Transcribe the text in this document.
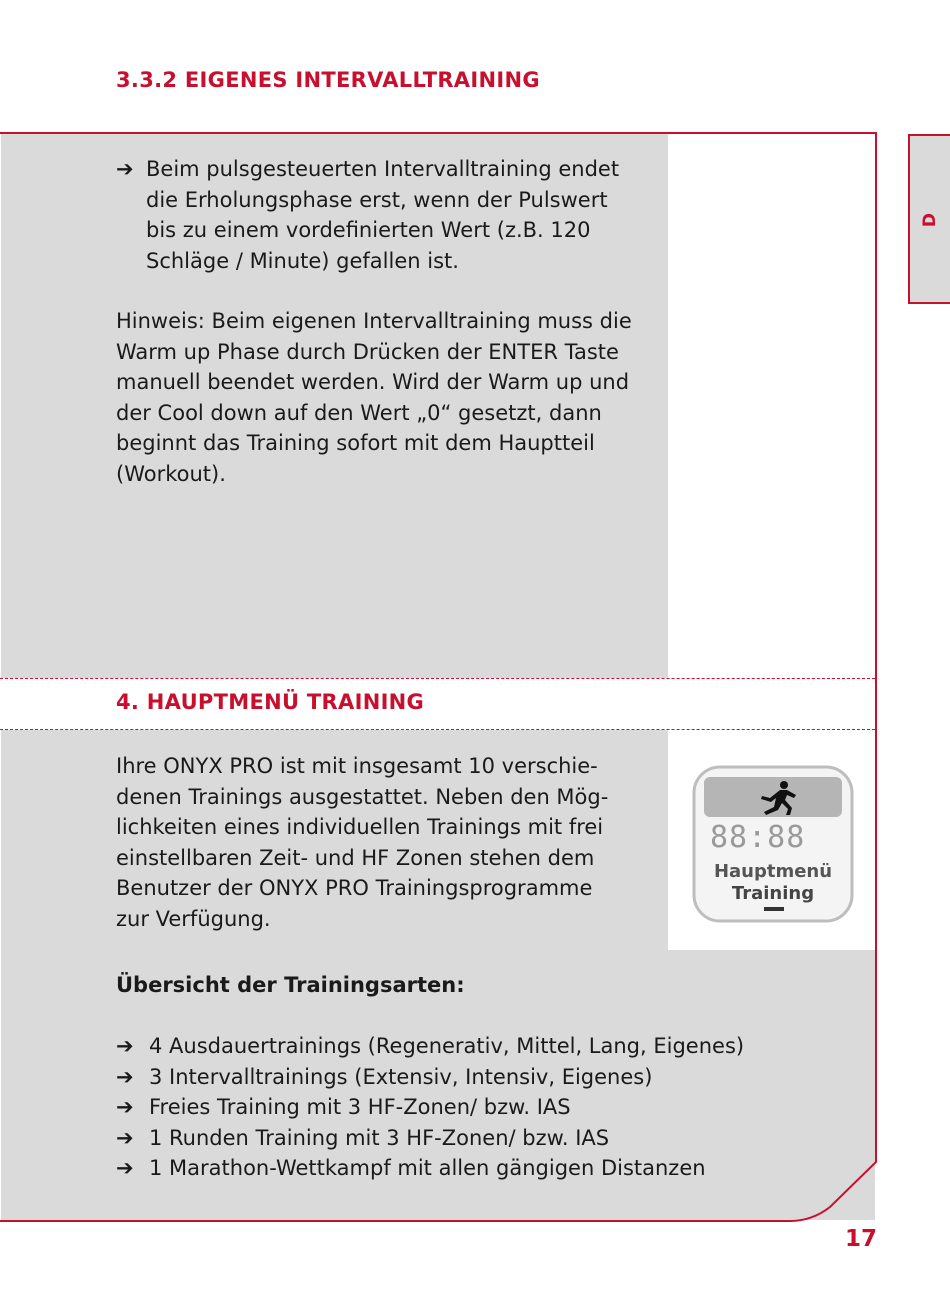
3.3.2 EIGENES INTERVALLTRAINING
D
➔ Beim pulsgesteuerten Intervalltraining endet die Erholungsphase erst, wenn der Pulswert bis zu einem vordefinierten Wert (z.B. 120 Schläge / Minute) gefallen ist.
Hinweis: Beim eigenen Intervalltraining muss die Warm up Phase durch Drücken der ENTER Taste manuell beendet werden. Wird der Warm up und der Cool down auf den Wert „0“ gesetzt, dann beginnt das Training sofort mit dem Hauptteil (Workout).
4. HAUPTMENÜ TRAINING
Ihre ONYX PRO ist mit insgesamt 10 verschie-
denen Trainings ausgestattet. Neben den Mög-
lichkeiten eines individuellen Trainings mit frei
einstellbaren Zeit- und HF Zonen stehen dem
Benutzer der ONYX PRO Trainingsprogramme
zur Verfügung.
88:88
Hauptmenü
Training
Übersicht der Trainingsarten:
➔ 4 Ausdauertrainings (Regenerativ, Mittel, Lang, Eigenes)
➔ 3 Intervalltrainings (Extensiv, Intensiv, Eigenes)
➔ Freies Training mit 3 HF-Zonen/ bzw. IAS
➔ 1 Runden Training mit 3 HF-Zonen/ bzw. IAS
➔ 1 Marathon-Wettkampf mit allen gängigen Distanzen
17
